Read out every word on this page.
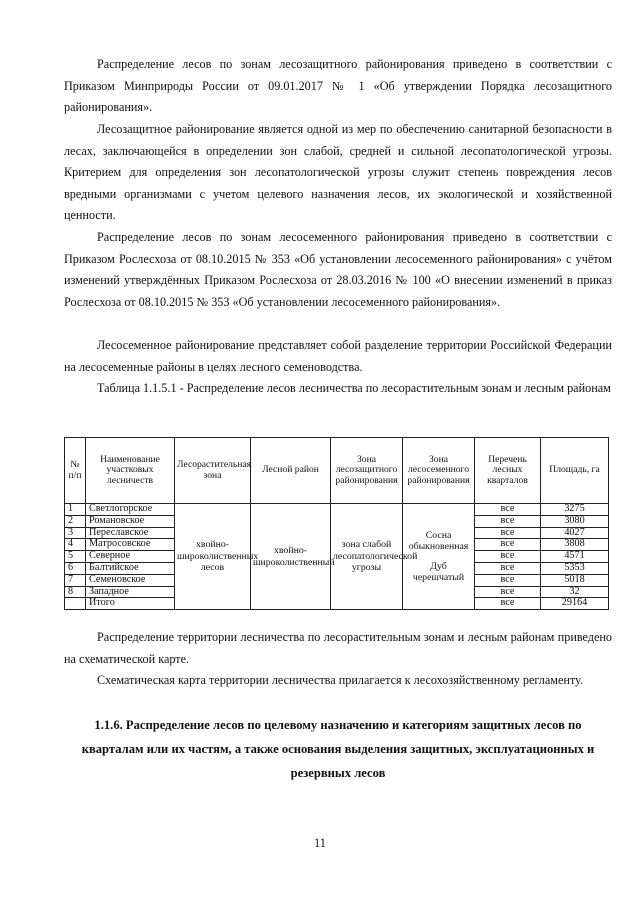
Распределение лесов по зонам лесозащитного районирования приведено в соответствии с Приказом Минприроды России от 09.01.2017 № 1 «Об утверждении Порядка лесозащитного районирования».

Лесозащитное районирование является одной из мер по обеспечению санитарной безопасности в лесах, заключающейся в определении зон слабой, средней и сильной лесопатологической угрозы. Критерием для определения зон лесопатологической угрозы служит степень повреждения лесов вредными организмами с учетом целевого назначения лесов, их экологической и хозяйственной ценности.

Распределение лесов по зонам лесосеменного районирования приведено в соответствии с Приказом Рослесхоза от 08.10.2015 № 353 «Об установлении лесосеменного районирования» с учётом изменений утверждённых Приказом Рослесхоза от 28.03.2016 № 100 «О внесении изменений в приказ Рослесхоза от 08.10.2015 № 353 «Об установлении лесосеменного районирования».

Лесосеменное районирование представляет собой разделение территории Российской Федерации на лесосеменные районы в целях лесного семеноводства.

Таблица 1.1.5.1 - Распределение лесов лесничества по лесорастительным зонам и лесным районам

№ п/п	Наименование участковых лесничеств	Лесорастительная зона	Лесной район	Зона лесозащитного районирования	Зона лесосеменного районирования	Перечень лесных кварталов	Площадь, га
1	Светлогорское	хвойно-широколиственных лесов	хвойно-широколиственный	зона слабой лесопатологической угрозы	Сосна обыкновенная
Дуб черешчатый	все	3275
2	Романовское					все	3080
3	Переславское					все	4027
4	Матросовское					все	3808
5	Северное					все	4571
6	Балтийское					все	5353
7	Семеновское					все	5018
8	Западное					все	32
	Итого					все	29164

Распределение территории лесничества по лесорастительным зонам и лесным районам приведено на схематической карте.

Схематическая карта территории лесничества прилагается к лесохозяйственному регламенту.

1.1.6. Распределение лесов по целевому назначению и категориям защитных лесов по кварталам или их частям, а также основания выделения защитных, эксплуатационных и резервных лесов

11
